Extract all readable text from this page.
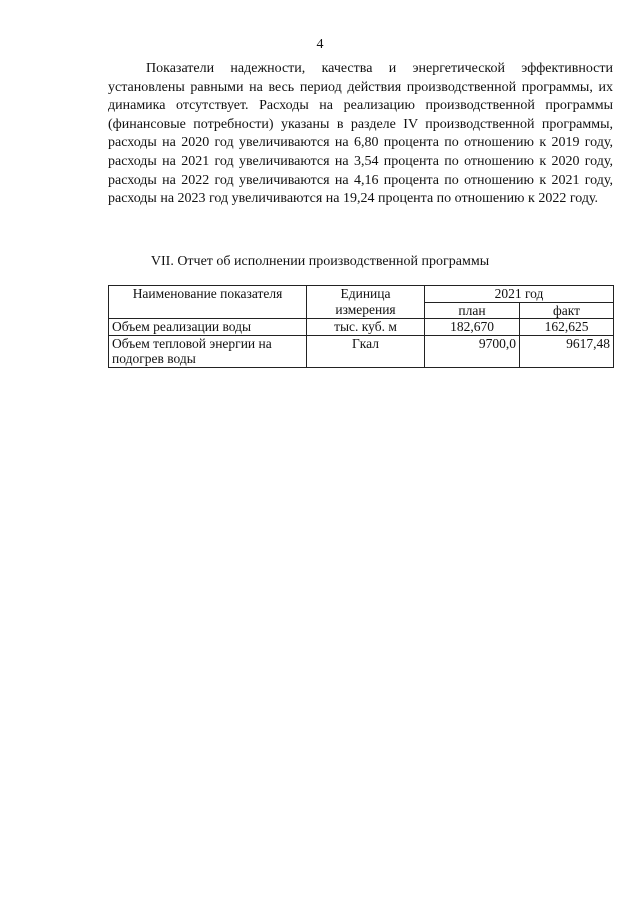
4

Показатели надежности, качества и энергетической эффективности установлены равными на весь период действия производственной программы, их динамика отсутствует. Расходы на реализацию производственной программы (финансовые потребности) указаны в разделе IV производственной программы, расходы на 2020 год увеличиваются на 6,80 процента по отношению к 2019 году, расходы на 2021 год увеличиваются на 3,54 процента по отношению к 2020 году, расходы на 2022 год увеличиваются на 4,16 процента по отношению к 2021 году, расходы на 2023 год увеличиваются на 19,24 процента по отношению к 2022 году.

VII. Отчет об исполнении производственной программы
Наименование показателя	Единица измерения	2021 год	
		план	факт
Объем реализации воды	тыс. куб. м	182,670	162,625
Объем тепловой энергии на подогрев воды	Гкал	9700,0	9617,48
